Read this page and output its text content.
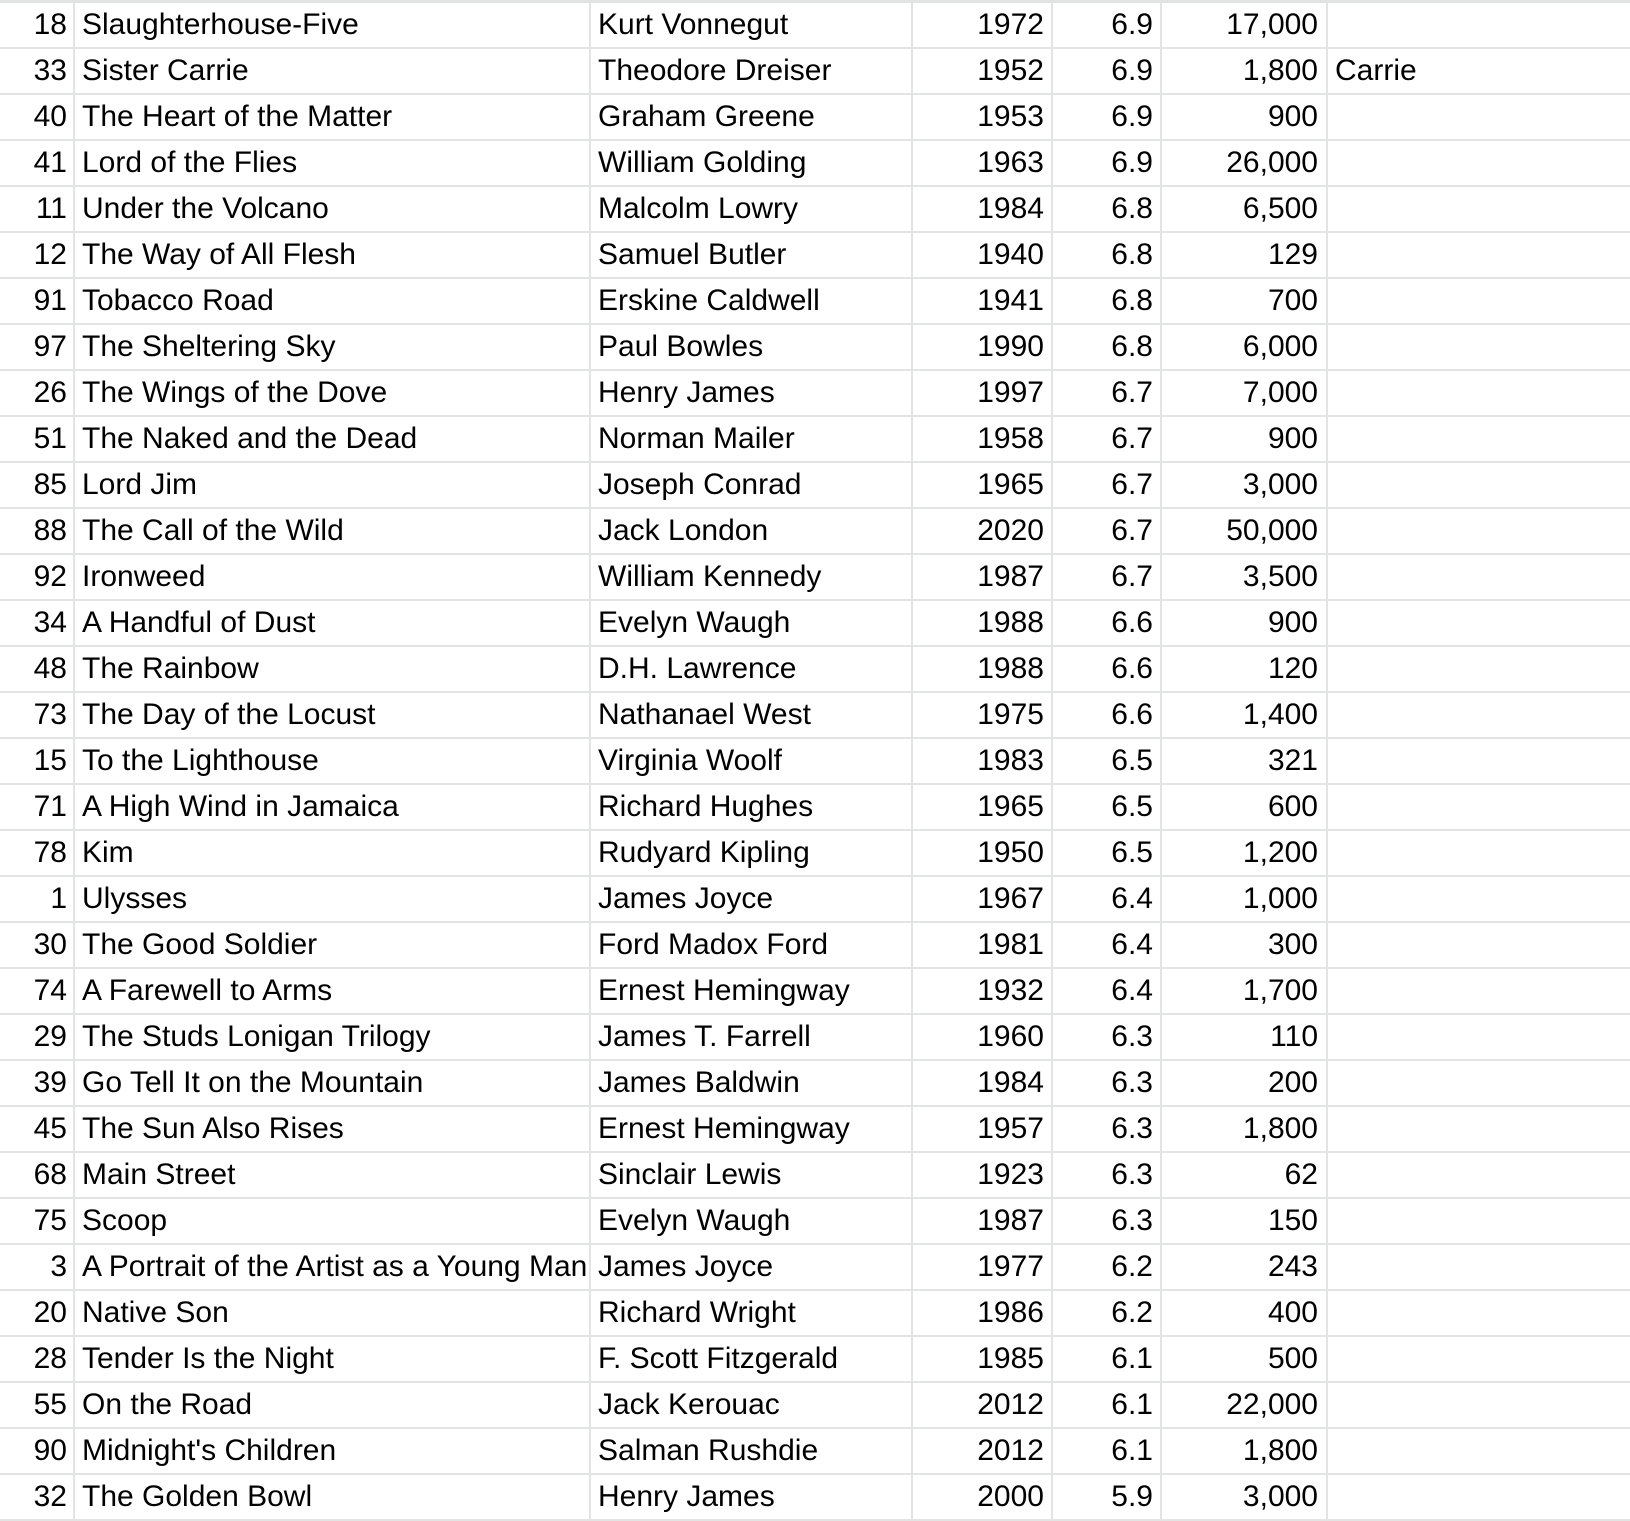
18	Slaughterhouse-Five	Kurt Vonnegut	1972	6.9	17,000	
33	Sister Carrie	Theodore Dreiser	1952	6.9	1,800	Carrie
40	The Heart of the Matter	Graham Greene	1953	6.9	900	
41	Lord of the Flies	William Golding	1963	6.9	26,000	
11	Under the Volcano	Malcolm Lowry	1984	6.8	6,500	
12	The Way of All Flesh	Samuel Butler	1940	6.8	129	
91	Tobacco Road	Erskine Caldwell	1941	6.8	700	
97	The Sheltering Sky	Paul Bowles	1990	6.8	6,000	
26	The Wings of the Dove	Henry James	1997	6.7	7,000	
51	The Naked and the Dead	Norman Mailer	1958	6.7	900	
85	Lord Jim	Joseph Conrad	1965	6.7	3,000	
88	The Call of the Wild	Jack London	2020	6.7	50,000	
92	Ironweed	William Kennedy	1987	6.7	3,500	
34	A Handful of Dust	Evelyn Waugh	1988	6.6	900	
48	The Rainbow	D.H. Lawrence	1988	6.6	120	
73	The Day of the Locust	Nathanael West	1975	6.6	1,400	
15	To the Lighthouse	Virginia Woolf	1983	6.5	321	
71	A High Wind in Jamaica	Richard Hughes	1965	6.5	600	
78	Kim	Rudyard Kipling	1950	6.5	1,200	
1	Ulysses	James Joyce	1967	6.4	1,000	
30	The Good Soldier	Ford Madox Ford	1981	6.4	300	
74	A Farewell to Arms	Ernest Hemingway	1932	6.4	1,700	
29	The Studs Lonigan Trilogy	James T. Farrell	1960	6.3	110	
39	Go Tell It on the Mountain	James Baldwin	1984	6.3	200	
45	The Sun Also Rises	Ernest Hemingway	1957	6.3	1,800	
68	Main Street	Sinclair Lewis	1923	6.3	62	
75	Scoop	Evelyn Waugh	1987	6.3	150	
3	A Portrait of the Artist as a Young Man	James Joyce	1977	6.2	243	
20	Native Son	Richard Wright	1986	6.2	400	
28	Tender Is the Night	F. Scott Fitzgerald	1985	6.1	500	
55	On the Road	Jack Kerouac	2012	6.1	22,000	
90	Midnight's Children	Salman Rushdie	2012	6.1	1,800	
32	The Golden Bowl	Henry James	2000	5.9	3,000	
